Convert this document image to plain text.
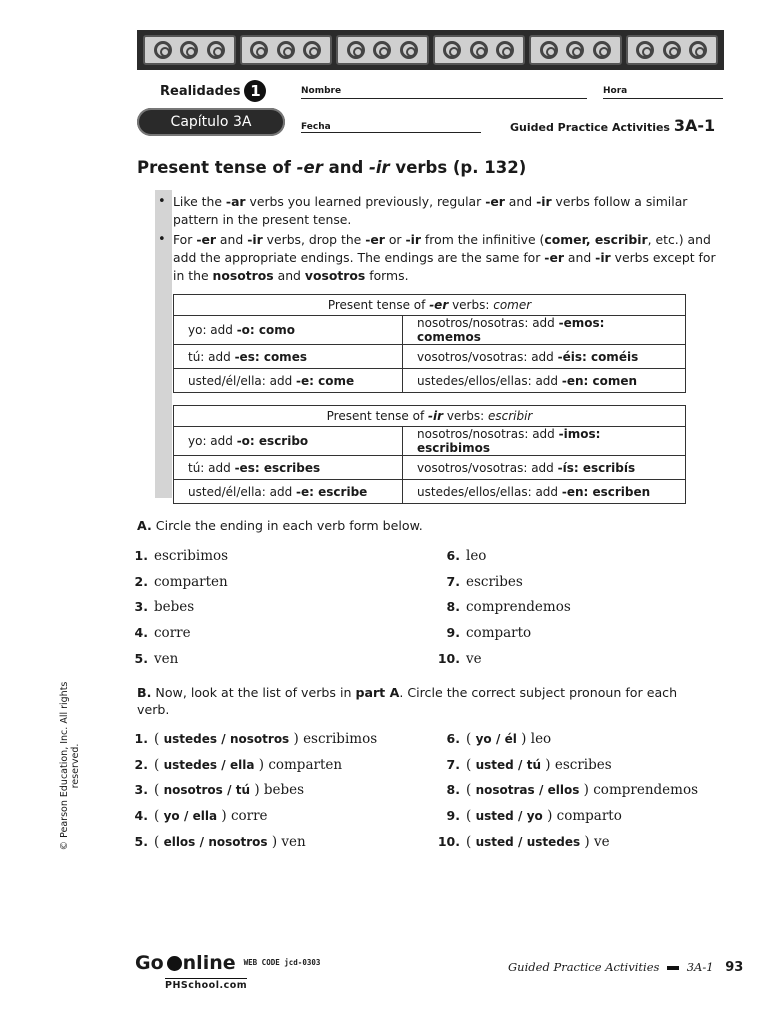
Realidades 1
Capítulo 3A
Nombre	Hora
Fecha	Guided Practice Activities 3A-1
Present tense of -er and -ir verbs (p. 132)
• Like the -ar verbs you learned previously, regular -er and -ir verbs follow a similar pattern in the present tense.
• For -er and -ir verbs, drop the -er or -ir from the infinitive (comer, escribir, etc.) and add the appropriate endings. The endings are the same for -er and -ir verbs except for in the nosotros and vosotros forms.
Present tense of -er verbs: comer	
yo: add -o: como	nosotros/nosotras: add -emos: comemos
tú: add -es: comes	vosotros/vosotras: add -éis: coméis
usted/él/ella: add -e: come	ustedes/ellos/ellas: add -en: comen
Present tense of -ir verbs: escribir	
yo: add -o: escribo	nosotros/nosotras: add -imos: escribimos
tú: add -es: escribes	vosotros/vosotras: add -ís: escribís
usted/él/ella: add -e: escribe	ustedes/ellos/ellas: add -en: escriben
A. Circle the ending in each verb form below.
1. escribimos
2. comparten
3. bebes
4. corre
5. ven
6. leo
7. escribes
8. comprendemos
9. comparto
10. ve
B. Now, look at the list of verbs in part A. Circle the correct subject pronoun for each verb.
1. ( ustedes / nosotros ) escribimos
2. ( ustedes / ella ) comparten
3. ( nosotros / tú ) bebes
4. ( yo / ella ) corre
5. ( ellos / nosotros ) ven
6. ( yo / él ) leo
7. ( usted / tú ) escribes
8. ( nosotras / ellos ) comprendemos
9. ( usted / yo ) comparto
10. ( usted / ustedes ) ve
© Pearson Education, Inc. All rights reserved.
Go nline WEB CODE jcd-0303
PHSchool.com
Guided Practice Activities 3A-1 93
